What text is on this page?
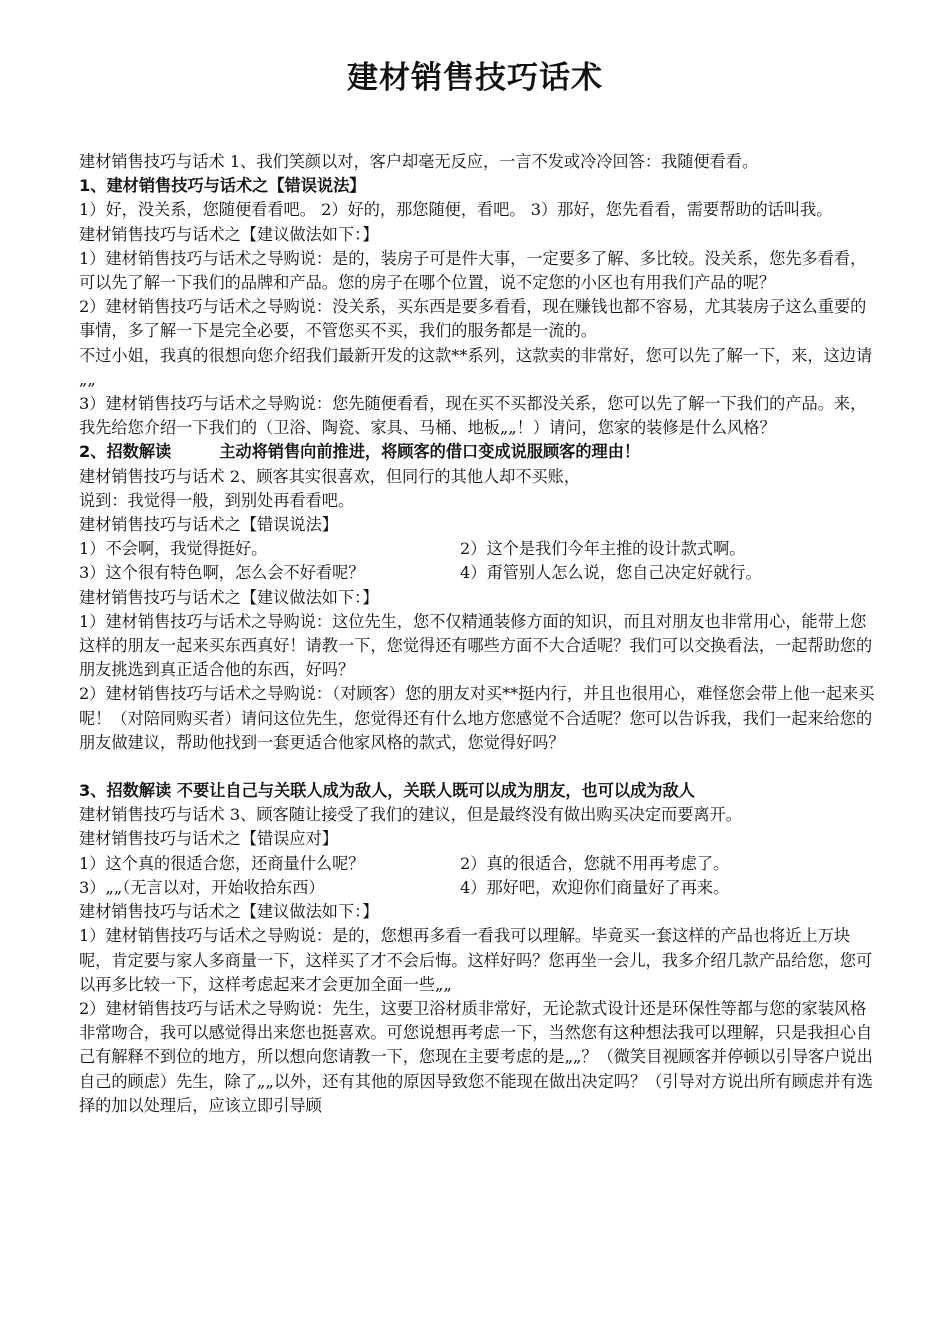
建材销售技巧话术

建材销售技巧与话术 1、我们笑颜以对，客户却毫无反应，一言不发或冷冷回答：我随便看看。

1、建材销售技巧与话术之【错误说法】

1）好，没关系，您随便看看吧。 2）好的，那您随便，看吧。 3）那好，您先看看，需要帮助的话叫我。

建材销售技巧与话术之【建议做法如下：】

1）建材销售技巧与话术之导购说：是的，装房子可是件大事，一定要多了解、多比较。没关系，您先多看看，可以先了解一下我们的品牌和产品。您的房子在哪个位置，说不定您的小区也有用我们产品的呢？

2）建材销售技巧与话术之导购说：没关系，买东西是要多看看，现在赚钱也都不容易，尤其装房子这么重要的事情，多了解一下是完全必要，不管您买不买，我们的服务都是一流的。

不过小姐，我真的很想向您介绍我们最新开发的这款**系列，这款卖的非常好，您可以先了解一下，来，这边请„„

3）建材销售技巧与话术之导购说：您先随便看看，现在买不买都没关系，您可以先了解一下我们的产品。来，我先给您介绍一下我们的（卫浴、陶瓷、家具、马桶、地板„„！）请问，您家的装修是什么风格？

2、招数解读	主动将销售向前推进，将顾客的借口变成说服顾客的理由！

建材销售技巧与话术 2、顾客其实很喜欢，但同行的其他人却不买账，

说到：我觉得一般，到别处再看看吧。

建材销售技巧与话术之【错误说法】

1）不会啊，我觉得挺好。	2）这个是我们今年主推的设计款式啊。

3）这个很有特色啊，怎么会不好看呢？	4）甭管别人怎么说，您自己决定好就行。

建材销售技巧与话术之【建议做法如下：】

1）建材销售技巧与话术之导购说：这位先生，您不仅精通装修方面的知识，而且对朋友也非常用心，能带上您这样的朋友一起来买东西真好！请教一下，您觉得还有哪些方面不大合适呢？我们可以交换看法，一起帮助您的朋友挑选到真正适合他的东西，好吗？

2）建材销售技巧与话术之导购说：（对顾客）您的朋友对买**挺内行，并且也很用心，难怪您会带上他一起来买呢！（对陪同购买者）请问这位先生，您觉得还有什么地方您感觉不合适呢？您可以告诉我，我们一起来给您的朋友做建议，帮助他找到一套更适合他家风格的款式，您觉得好吗？

3、招数解读 不要让自己与关联人成为敌人，关联人既可以成为朋友，也可以成为敌人

建材销售技巧与话术 3、顾客随让接受了我们的建议，但是最终没有做出购买决定而要离开。

建材销售技巧与话术之【错误应对】

1）这个真的很适合您，还商量什么呢？	2）真的很适合，您就不用再考虑了。

3）„„（无言以对，开始收拾东西）	4）那好吧，欢迎你们商量好了再来。

建材销售技巧与话术之【建议做法如下：】

1）建材销售技巧与话术之导购说：是的，您想再多看一看我可以理解。毕竟买一套这样的产品也将近上万块呢，肯定要与家人多商量一下，这样买了才不会后悔。这样好吗？您再坐一会儿，我多介绍几款产品给您，您可以再多比较一下，这样考虑起来才会更加全面一些„„

2）建材销售技巧与话术之导购说：先生，这要卫浴材质非常好，无论款式设计还是环保性等都与您的家装风格非常吻合，我可以感觉得出来您也挺喜欢。可您说想再考虑一下，当然您有这种想法我可以理解，只是我担心自己有解释不到位的地方，所以想向您请教一下，您现在主要考虑的是„„？（微笑目视顾客并停顿以引导客户说出自己的顾虑）先生，除了„„以外，还有其他的原因导致您不能现在做出决定吗？（引导对方说出所有顾虑并有选择的加以处理后，应该立即引导顾
